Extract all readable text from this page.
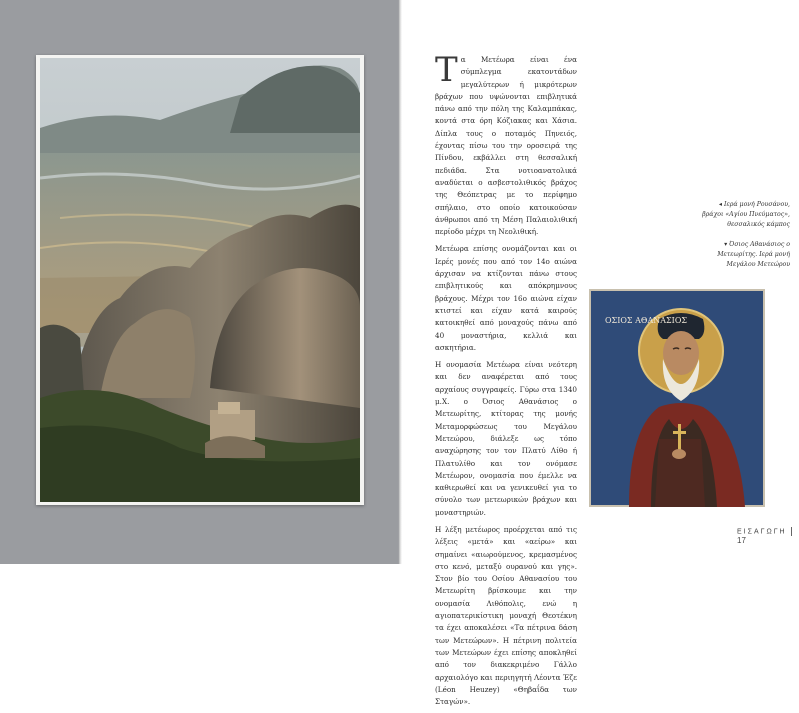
Τ α Μετέωρα είναι ένα σύμπλεγμα εκατοντάδων μεγαλύτερων ή μικρότερων βράχων που υψώνονται επιβλητικά πάνω από την πόλη της Καλαμπάκας, κοντά στα όρη Κόζιακας και Χάσια. Δίπλα τους ο ποταμός Πηνειός, έχοντας πίσω του την οροσειρά της Πίνδου, εκβάλλει στη θεσσαλική πεδιάδα. Στα νοτιοανατολικά αναδύεται ο ασβεστολιθικός βράχος της Θεόπετρας με το περίφημο σπήλαιο, στο οποίο κατοικούσαν άνθρωποι από τη Μέση Παλαιολιθική περίοδο μέχρι τη Νεολιθική.

Μετέωρα επίσης ονομάζονται και οι Ιερές μονές που από τον 14ο αιώνα άρχισαν να κτίζονται πάνω στους επιβλητικούς και απόκρημνους βράχους. Μέχρι τον 16ο αιώνα είχαν κτιστεί και είχαν κατά καιρούς κατοικηθεί από μοναχούς πάνω από 40 μοναστήρια, κελλιά και ασκητήρια.

Η ονομασία Μετέωρα είναι νεότερη και δεν αναφέρεται από τους αρχαίους συγγραφείς. Γύρω στα 1340 μ.Χ. ο Όσιος Αθανάσιος ο Μετεωρίτης, κτίτορας της μονής Μεταμορφώσεως του Μεγάλου Μετεώρου, διάλεξε ως τόπο αναχώρησης τον τον Πλατύ Λίθο ή Πλατυλίθο και τον ονόμασε Μετέωρον, ονομασία που έμελλε να καθιερωθεί και να γενικευθεί για το σύνολο των μετεωρικών βράχων και μοναστηριών.

Η λέξη μετέωρος προέρχεται από τις λέξεις «μετά» και «αείρω» και σημαίνει «αιωρούμενος, κρεμασμένος στο κενό, μεταξύ ουρανού και γης». Στον βίο του Οσίου Αθανασίου του Μετεωρίτη βρίσκουμε και την ονομασία Λιθόπολις, ενώ η αγιοπατερικίστικη μοναχή Θεοτέκνη τα έχει αποκαλέσει «Τα πέτρινα δάση των Μετεώρων». Η πέτρινη πολιτεία των Μετεώρων έχει επίσης αποκληθεί από τον διακεκριμένο Γάλλο αρχαιολόγο και περιηγητή Λέοντα Έζε (Léon Heuzey) «Θηβαΐδα των Σταγών».

◂ Ιερά μονή Ρουσάνου, βράχοι «Αγίου Πνεύματος», θεσσαλικός κάμπος
▾ Όσιος Αθανάσιος ο Μετεωρίτης. Ιερά μονή Μεγάλου Μετεώρου
ΟΣΙΟΣ ΑΘΑΝΑΣΙΟΣ
ΕΙΣΑΓΩΓΗ17
